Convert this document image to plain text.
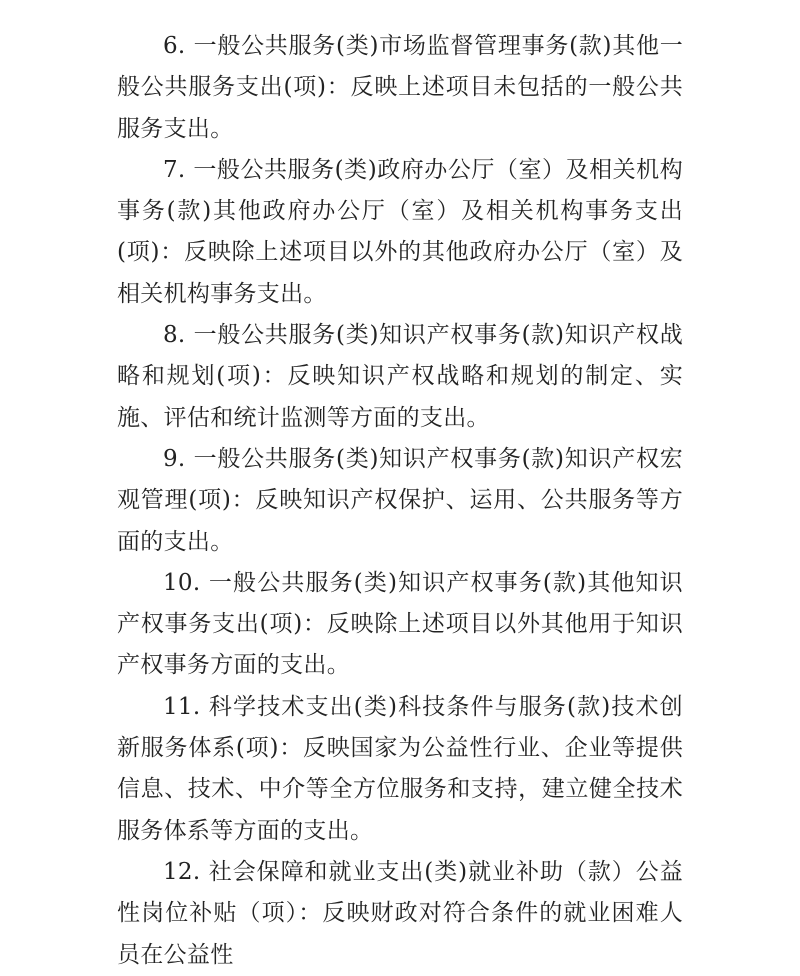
6. 一般公共服务(类)市场监督管理事务(款)其他一般公共服务支出(项)：反映上述项目未包括的一般公共服务支出。

7. 一般公共服务(类)政府办公厅（室）及相关机构事务(款)其他政府办公厅（室）及相关机构事务支出(项)：反映除上述项目以外的其他政府办公厅（室）及相关机构事务支出。

8. 一般公共服务(类)知识产权事务(款)知识产权战略和规划(项)：反映知识产权战略和规划的制定、实施、评估和统计监测等方面的支出。

9. 一般公共服务(类)知识产权事务(款)知识产权宏观管理(项)：反映知识产权保护、运用、公共服务等方面的支出。

10. 一般公共服务(类)知识产权事务(款)其他知识产权事务支出(项)：反映除上述项目以外其他用于知识产权事务方面的支出。

11. 科学技术支出(类)科技条件与服务(款)技术创新服务体系(项)：反映国家为公益性行业、企业等提供信息、技术、中介等全方位服务和支持，建立健全技术服务体系等方面的支出。

12. 社会保障和就业支出(类)就业补助（款）公益性岗位补贴（项）：反映财政对符合条件的就业困难人员在公益性
